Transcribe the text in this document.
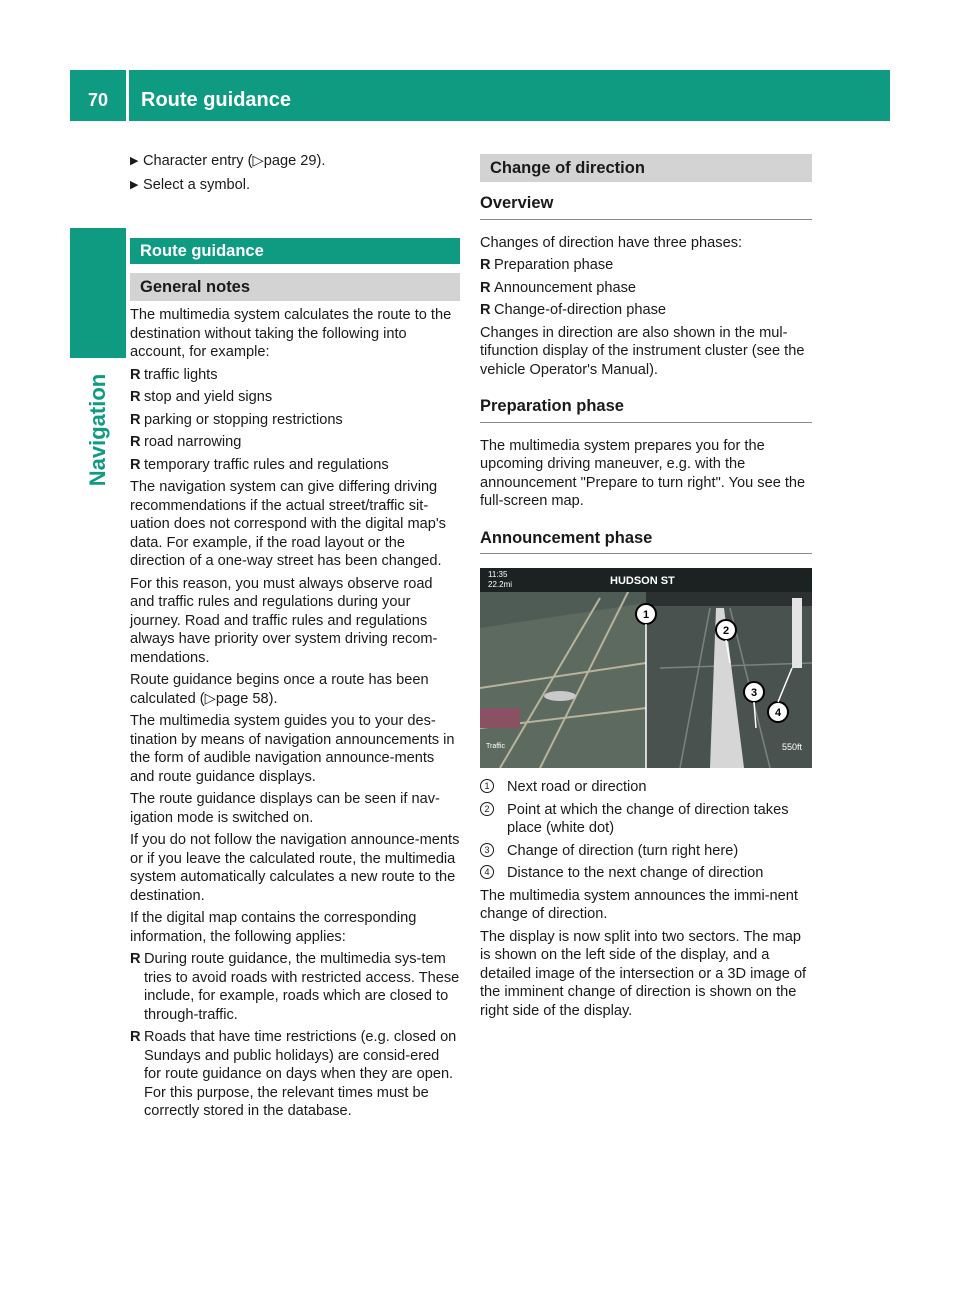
70	Route guidance
Navigation
▶ Character entry (▷page 29).
▶ Select a symbol.
Route guidance
General notes

The multimedia system calculates the route to the destination without taking the following into account, for example:

R traffic lights
R stop and yield signs
R parking or stopping restrictions
R road narrowing
R temporary traffic rules and regulations

The navigation system can give differing driving recommendations if the actual street/traffic sit-uation does not correspond with the digital map's data. For example, if the road layout or the direction of a one-way street has been changed.

For this reason, you must always observe road and traffic rules and regulations during your journey. Road and traffic rules and regulations always have priority over system driving recom-mendations.

Route guidance begins once a route has been calculated (▷page 58).

The multimedia system guides you to your des-tination by means of navigation announcements in the form of audible navigation announce-ments and route guidance displays.

The route guidance displays can be seen if nav-igation mode is switched on.

If you do not follow the navigation announce-ments or if you leave the calculated route, the multimedia system automatically calculates a new route to the destination.

If the digital map contains the corresponding information, the following applies:

R During route guidance, the multimedia sys-tem tries to avoid roads with restricted access. These include, for example, roads which are closed to through-traffic.
R Roads that have time restrictions (e.g. closed on Sundays and public holidays) are consid-ered for route guidance on days when they are open. For this purpose, the relevant times must be correctly stored in the database.
Change of direction
Overview

Changes of direction have three phases:

R Preparation phase
R Announcement phase
R Change-of-direction phase

Changes in direction are also shown in the mul-tifunction display of the instrument cluster (see the vehicle Operator's Manual).

Preparation phase

The multimedia system prepares you for the upcoming driving maneuver, e.g. with the announcement "Prepare to turn right". You see the full-screen map.

Announcement phase
11:35
22.2mi	HUDSON ST
550ft
Traffic
1
2
3
4
1	Next road or direction
2	Point at which the change of direction takes place (white dot)
3	Change of direction (turn right here)
4	Distance to the next change of direction

The multimedia system announces the immi-nent change of direction.

The display is now split into two sectors. The map is shown on the left side of the display, and a detailed image of the intersection or a 3D image of the imminent change of direction is shown on the right side of the display.
